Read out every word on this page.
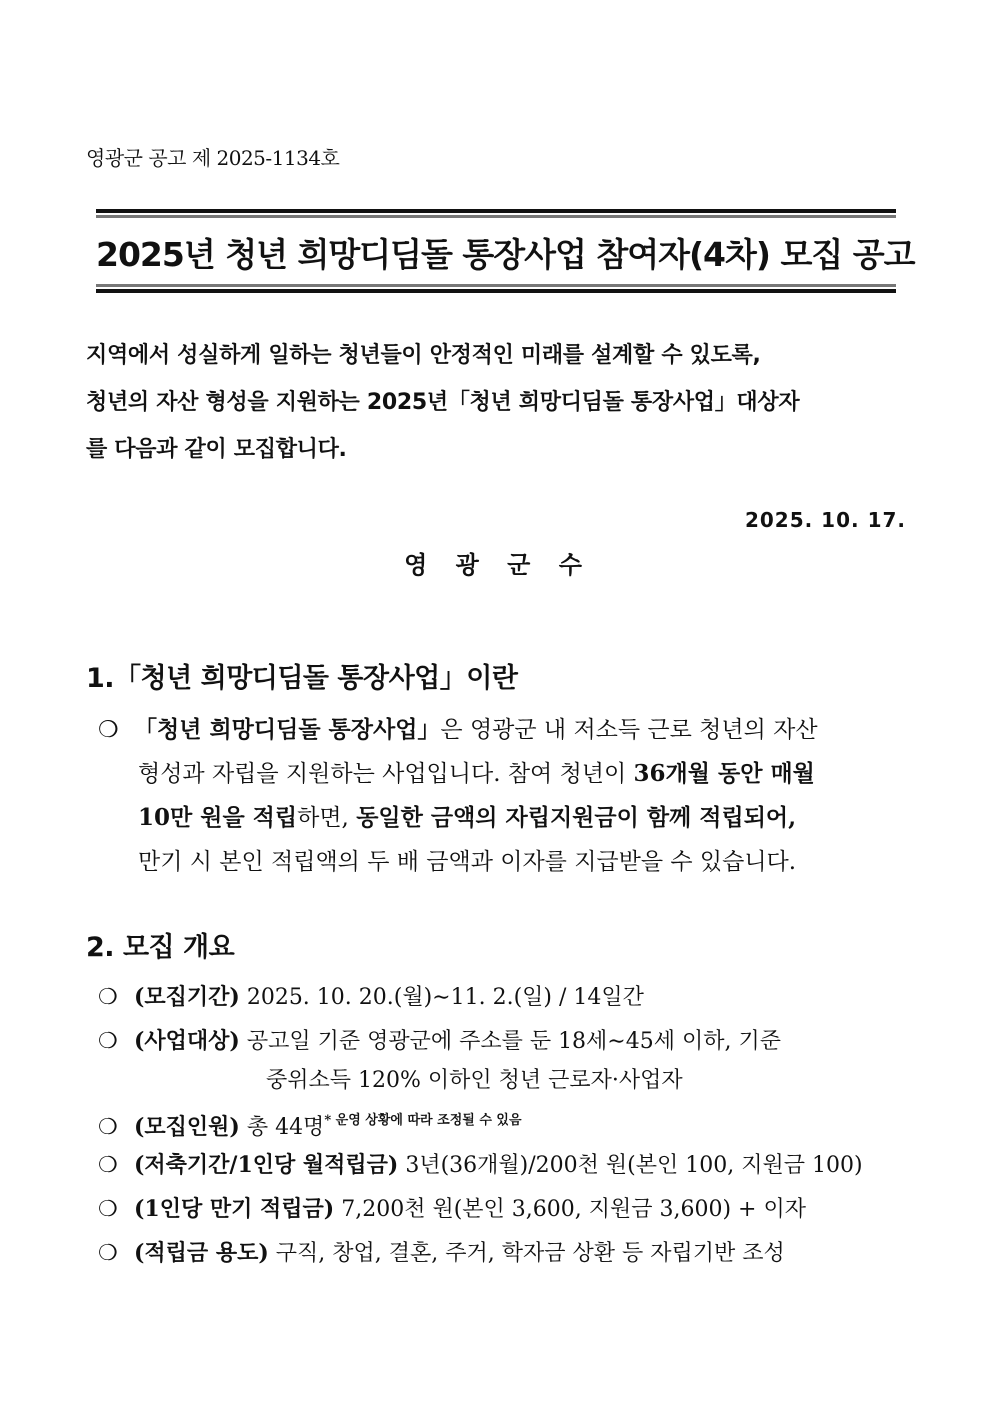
영광군 공고 제 2025-1134호
2025년 청년 희망디딤돌 통장사업 참여자(4차) 모집 공고
지역에서 성실하게 일하는 청년들이 안정적인 미래를 설계할 수 있도록,
청년의 자산 형성을 지원하는 2025년「청년 희망디딤돌 통장사업」대상자
를 다음과 같이 모집합니다.
2025. 10. 17.
영 광 군 수
1.「청년 희망디딤돌 통장사업」이란
❍ 「청년 희망디딤돌 통장사업」은 영광군 내 저소득 근로 청년의 자산
형성과 자립을 지원하는 사업입니다. 참여 청년이 36개월 동안 매월
10만 원을 적립하면, 동일한 금액의 자립지원금이 함께 적립되어,
만기 시 본인 적립액의 두 배 금액과 이자를 지급받을 수 있습니다.
2. 모집 개요
❍ (모집기간) 2025. 10. 20.(월)∼11. 2.(일) / 14일간
❍ (사업대상) 공고일 기준 영광군에 주소를 둔 18세∼45세 이하, 기준
중위소득 120% 이하인 청년 근로자·사업자
❍ (모집인원) 총 44명$^{* 운영 상황에 따라 조정될 수 있음}$
❍ (저축기간/1인당 월적립금) 3년(36개월)/200천 원(본인 100, 지원금 100)
❍ (1인당 만기 적립금) 7,200천 원(본인 3,600, 지원금 3,600) + 이자
❍ (적립금 용도) 구직, 창업, 결혼, 주거, 학자금 상환 등 자립기반 조성
